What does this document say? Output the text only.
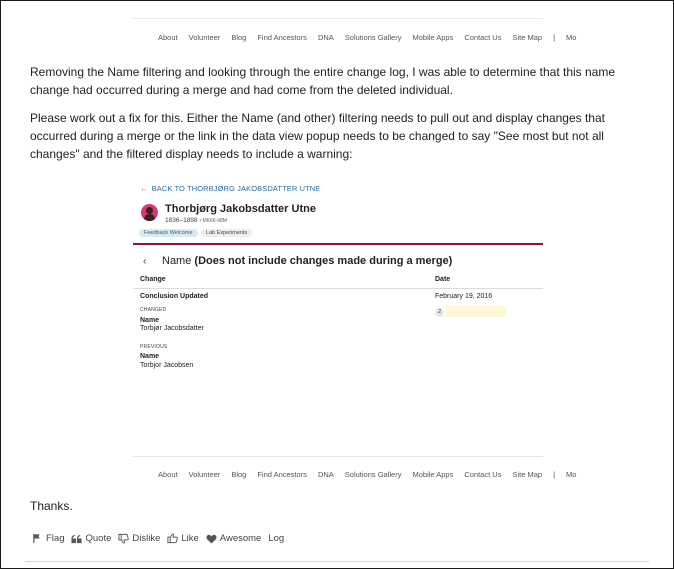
About Volunteer Blog Find Ancestors DNA Solutions Gallery Mobile Apps Contact Us Site Map | Mo
Removing the Name filtering and looking through the entire change log, I was able to determine that this name change had occurred during a merge and had come from the deleted individual.
Please work out a fix for this. Either the Name (and other) filtering needs to pull out and display changes that occurred during a merge or the link in the data view popup needs to be changed to say "See most but not all changes" and the filtered display needs to include a warning:
← BACK TO THORBJØRG JAKOBSDATTER UTNE
Thorbjørg Jakobsdatter Utne
1836–1898 • MK66-98M
Feedback Welcome	Lab Experiments
‹ Name (Does not include changes made during a merge)
Change	Date
Conclusion Updated	February 19, 2016
CHANGED
Name
Torbjør Jacobsdatter
2
PREVIOUS
Name
Torbjor Jacobsen
About Volunteer Blog Find Ancestors DNA Solutions Gallery Mobile Apps Contact Us Site Map | Mo
Thanks.
Flag Quote Dislike Like Awesome Log
